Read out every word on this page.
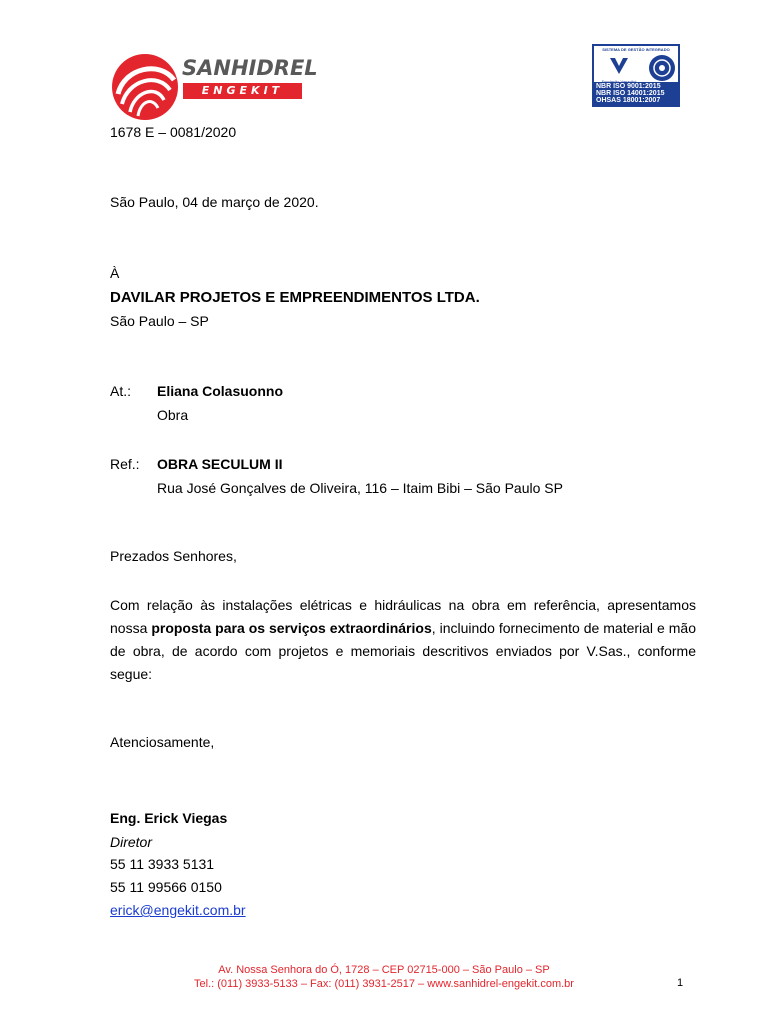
SANHIDREL
ENGEKIT
SISTEMA DE GESTÃO INTEGRADO
NBR ISO 9001:2015
NBR ISO 14001:2015
OHSAS 18001:2007
1678 E – 0081/2020
São Paulo, 04 de março de 2020.
À
DAVILAR PROJETOS E EMPREENDIMENTOS LTDA.
São Paulo – SP
At.: Eliana Colasuonno
Obra
Ref.: OBRA SECULUM II
Rua José Gonçalves de Oliveira, 116 – Itaim Bibi – São Paulo SP
Prezados Senhores,
Com relação às instalações elétricas e hidráulicas na obra em referência, apresentamos nossa proposta para os serviços extraordinários, incluindo fornecimento de material e mão de obra, de acordo com projetos e memoriais descritivos enviados por V.Sas., conforme segue:
Atenciosamente,
Eng. Erick Viegas
Diretor
55 11 3933 5131
55 11 99566 0150
erick@engekit.com.br
Av. Nossa Senhora do Ó, 1728 – CEP 02715-000 – São Paulo – SP
Tel.: (011) 3933-5133 – Fax: (011) 3931-2517 – www.sanhidrel-engekit.com.br	1
